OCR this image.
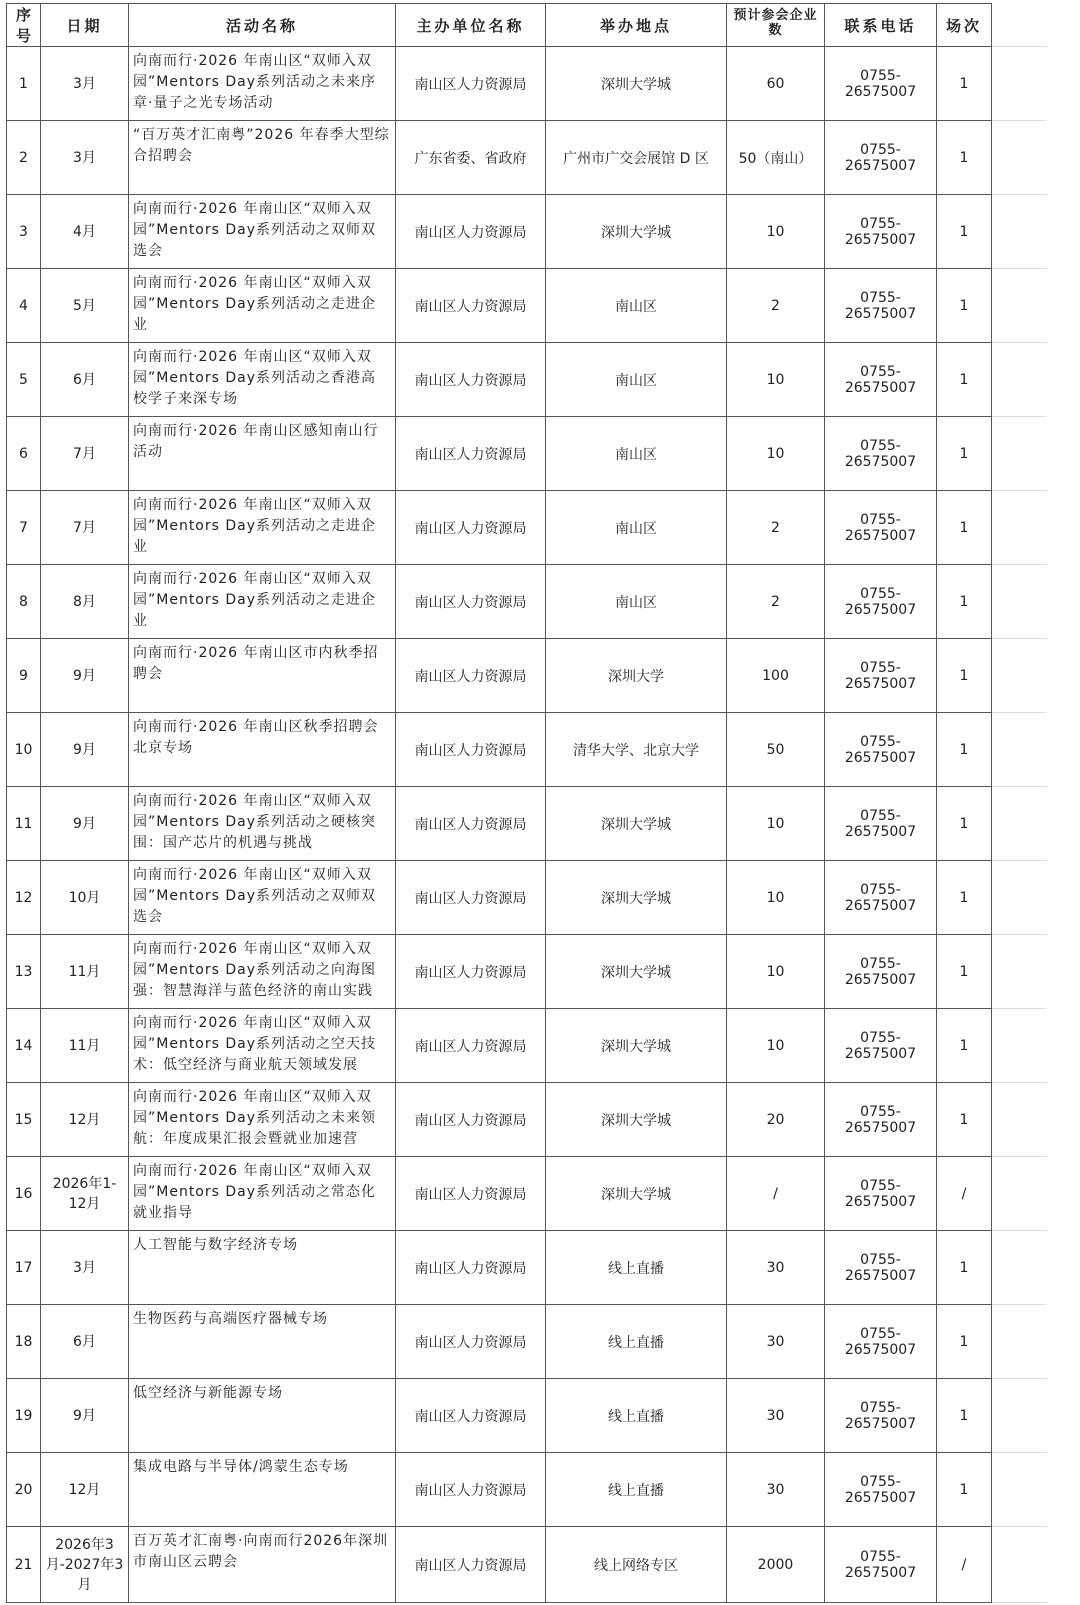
序号	日期	活动名称	主办单位名称	举办地点	预计参会企业数	联系电话	场次	
1	3月	向南而行·2026 年南山区“双师入双园”Mentors Day系列活动之未来序章·量子之光专场活动	南山区人力资源局	深圳大学城	60	0755-26575007	1	
2	3月	“百万英才汇南粤”2026 年春季大型综合招聘会	广东省委、省政府	广州市广交会展馆 D 区	50（南山）	0755-26575007	1	
3	4月	向南而行·2026 年南山区“双师入双园”Mentors Day系列活动之双师双选会	南山区人力资源局	深圳大学城	10	0755-26575007	1	
4	5月	向南而行·2026 年南山区“双师入双园”Mentors Day系列活动之走进企业	南山区人力资源局	南山区	2	0755-26575007	1	
5	6月	向南而行·2026 年南山区“双师入双园”Mentors Day系列活动之香港高校学子来深专场	南山区人力资源局	南山区	10	0755-26575007	1	
6	7月	向南而行·2026 年南山区感知南山行活动	南山区人力资源局	南山区	10	0755-26575007	1	
7	7月	向南而行·2026 年南山区“双师入双园”Mentors Day系列活动之走进企业	南山区人力资源局	南山区	2	0755-26575007	1	
8	8月	向南而行·2026 年南山区“双师入双园”Mentors Day系列活动之走进企业	南山区人力资源局	南山区	2	0755-26575007	1	
9	9月	向南而行·2026 年南山区市内秋季招聘会	南山区人力资源局	深圳大学	100	0755-26575007	1	
10	9月	向南而行·2026 年南山区秋季招聘会北京专场	南山区人力资源局	清华大学、北京大学	50	0755-26575007	1	
11	9月	向南而行·2026 年南山区“双师入双园”Mentors Day系列活动之硬核突围：国产芯片的机遇与挑战	南山区人力资源局	深圳大学城	10	0755-26575007	1	
12	10月	向南而行·2026 年南山区“双师入双园”Mentors Day系列活动之双师双选会	南山区人力资源局	深圳大学城	10	0755-26575007	1	
13	11月	向南而行·2026 年南山区“双师入双园”Mentors Day系列活动之向海图强：智慧海洋与蓝色经济的南山实践	南山区人力资源局	深圳大学城	10	0755-26575007	1	
14	11月	向南而行·2026 年南山区“双师入双园”Mentors Day系列活动之空天技术：低空经济与商业航天领域发展	南山区人力资源局	深圳大学城	10	0755-26575007	1	
15	12月	向南而行·2026 年南山区“双师入双园”Mentors Day系列活动之未来领航：年度成果汇报会暨就业加速营	南山区人力资源局	深圳大学城	20	0755-26575007	1	
16	2026年1-12月	向南而行·2026 年南山区“双师入双园”Mentors Day系列活动之常态化就业指导	南山区人力资源局	深圳大学城	/	0755-26575007	/	
17	3月	人工智能与数字经济专场	南山区人力资源局	线上直播	30	0755-26575007	1	
18	6月	生物医药与高端医疗器械专场	南山区人力资源局	线上直播	30	0755-26575007	1	
19	9月	低空经济与新能源专场	南山区人力资源局	线上直播	30	0755-26575007	1	
20	12月	集成电路与半导体/鸿蒙生态专场	南山区人力资源局	线上直播	30	0755-26575007	1	
21	2026年3月-2027年3月	百万英才汇南粤·向南而行2026年深圳市南山区云聘会	南山区人力资源局	线上网络专区	2000	0755-26575007	/	
